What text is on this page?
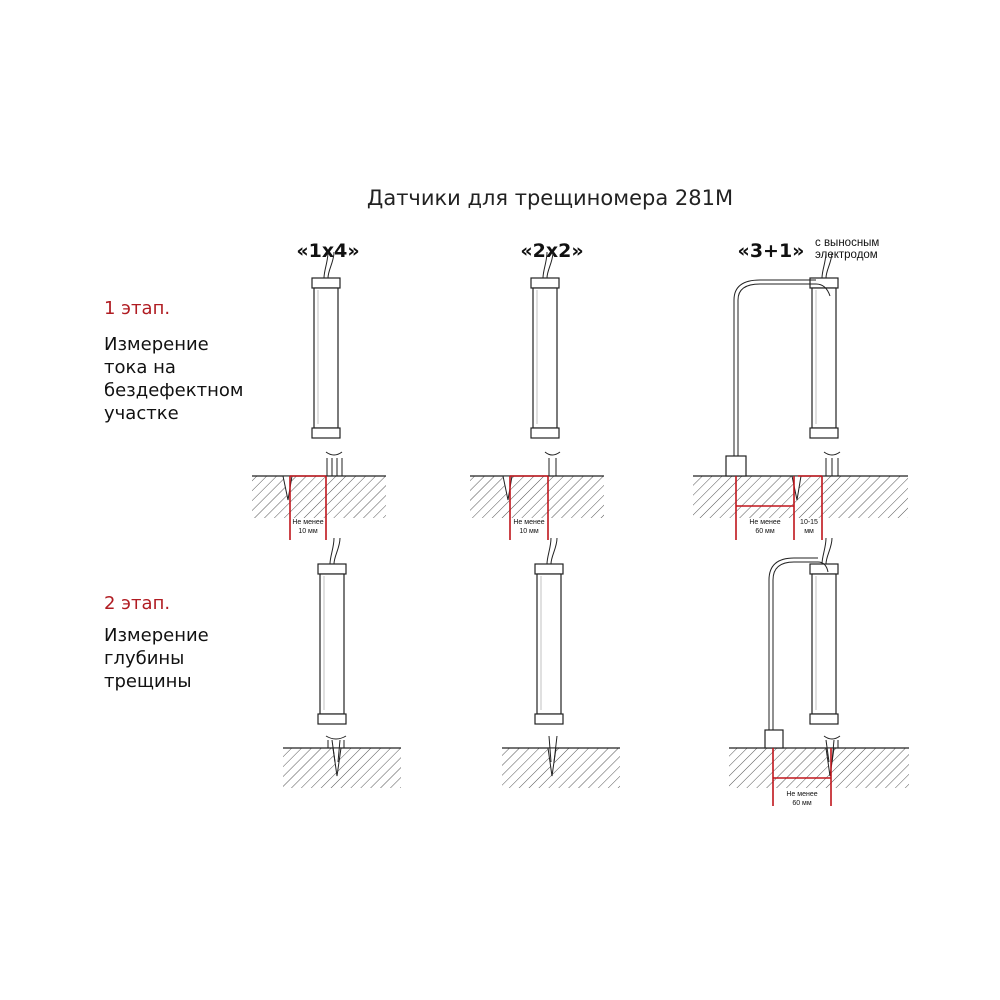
Датчики для трещиномера 281М
«1х4»	«2х2»	«3+1» с выносным
электродом
1 этап.
Измерение
тока на
бездефектном
участке
2 этап.
Измерение
глубины
трещины
Не менее
10 мм
Не менее
10 мм
Не менее
60 мм
10-15
мм
Не менее
60 мм
